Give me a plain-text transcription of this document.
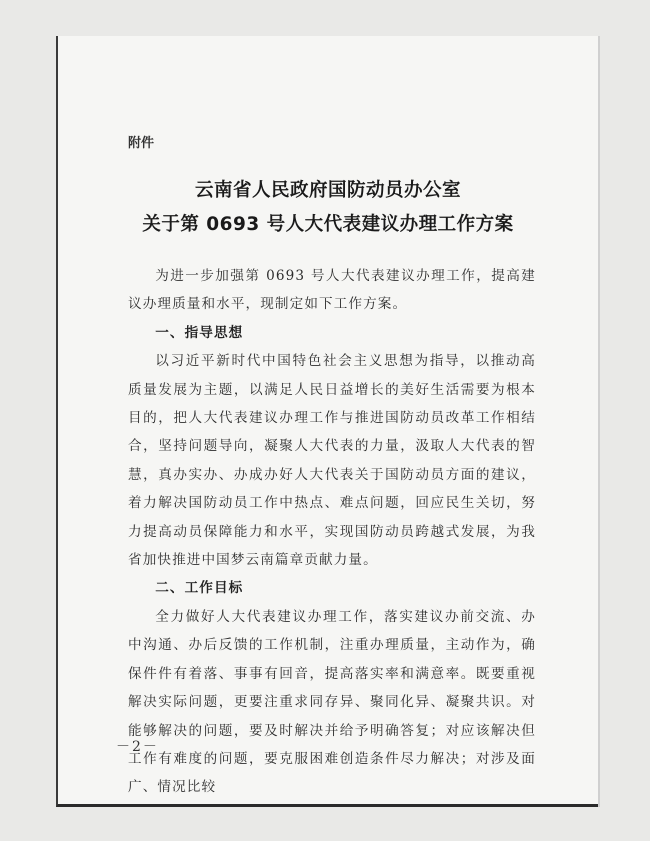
附件
云南省人民政府国防动员办公室
关于第 0693 号人大代表建议办理工作方案

为进一步加强第 0693 号人大代表建议办理工作，提高建议办理质量和水平，现制定如下工作方案。

一、指导思想

以习近平新时代中国特色社会主义思想为指导，以推动高质量发展为主题，以满足人民日益增长的美好生活需要为根本目的，把人大代表建议办理工作与推进国防动员改革工作相结合，坚持问题导向，凝聚人大代表的力量，汲取人大代表的智慧，真办实办、办成办好人大代表关于国防动员方面的建议，着力解决国防动员工作中热点、难点问题，回应民生关切，努力提高动员保障能力和水平，实现国防动员跨越式发展，为我省加快推进中国梦云南篇章贡献力量。

二、工作目标

全力做好人大代表建议办理工作，落实建议办前交流、办中沟通、办后反馈的工作机制，注重办理质量，主动作为，确保件件有着落、事事有回音，提高落实率和满意率。既要重视解决实际问题，更要注重求同存异、聚同化异、凝聚共识。对能够解决的问题，要及时解决并给予明确答复；对应该解决但工作有难度的问题，要克服困难创造条件尽力解决；对涉及面广、情况比较

－2－
